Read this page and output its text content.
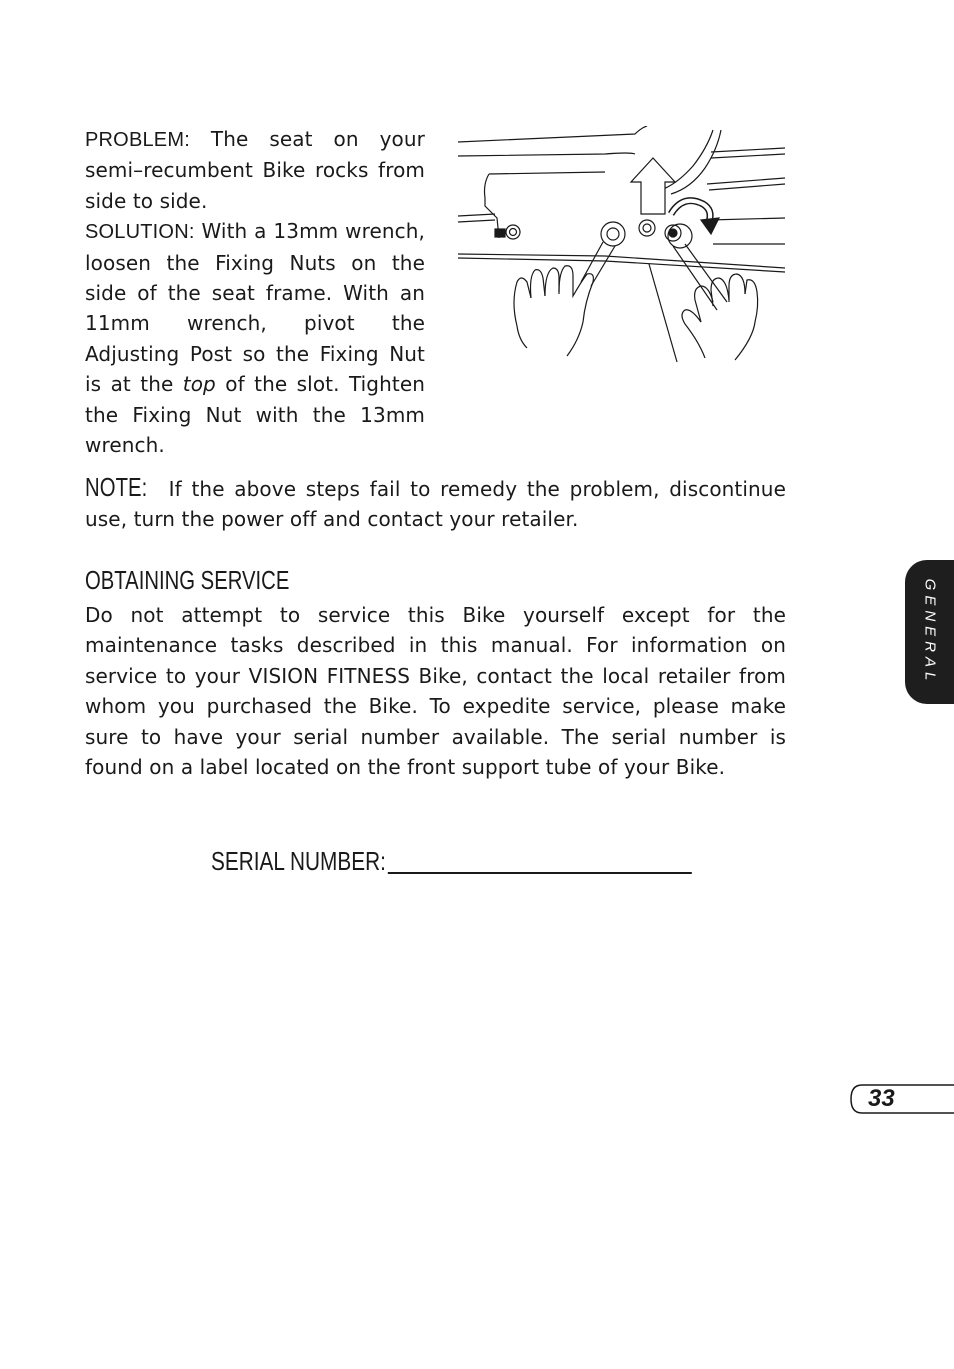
PROBLEM: The seat on your semi–recumbent Bike rocks from side to side.

SOLUTION: With a 13mm wrench, loosen the Fixing Nuts on the side of the seat frame. With an 11mm wrench, pivot the Adjusting Post so the Fixing Nut is at the top of the slot. Tighten the Fixing Nut with the 13mm wrench.

NOTE: If the above steps fail to remedy the problem, discontinue use, turn the power off and contact your retailer.

OBTAINING SERVICE

Do not attempt to service this Bike yourself except for the maintenance tasks described in this manual. For information on service to your VISION FITNESS Bike, contact the local retailer from whom you purchased the Bike. To expedite service, please make sure to have your serial number available. The serial number is found on a label located on the front support tube of your Bike.

SERIAL NUMBER:
GENERAL
33
